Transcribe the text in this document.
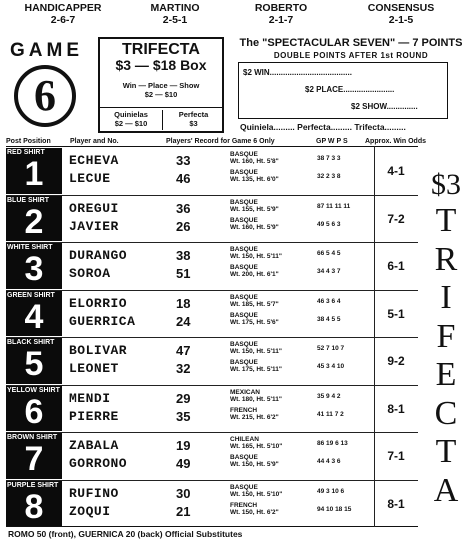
HANDICAPPER
2-6-7
MARTINO
2-5-1
ROBERTO
2-1-7
CONSENSUS
2-1-5
GAME
6
TRIFECTA
$3 — $18 Box
Win — Place — Show
$2 — $10
Quinielas
$2 — $10
Perfecta
$3
The "SPECTACULAR SEVEN" — 7 POINTS
DOUBLE POINTS AFTER 1st ROUND
$2 WIN.....................................
$2 PLACE.......................
$2 SHOW..............
Quiniela......... Perfecta......... Trifecta.........
Post Position	Player and No.	Players' Record for Game 6 Only	GP W P S Approx. Win Odds
RED SHIRT
1	ECHEVA	33	BASQUE
Wt. 160, Ht. 5'8"	38 7 3 3
LECUE	46	BASQUE
Wt. 135, Ht. 6'0"	32 2 3 8	4-1
BLUE SHIRT
2	OREGUI	36	BASQUE
Wt. 155, Ht. 5'9"	87 11 11 11
JAVIER	26	BASQUE
Wt. 160, Ht. 5'9"	49 5 6 3	7-2
WHITE SHIRT
3	DURANGO	38	BASQUE
Wt. 150, Ht. 5'11"	66 5 4 5
SOROA	51	BASQUE
Wt. 200, Ht. 6'1"	34 4 3 7	6-1
GREEN SHIRT
4	ELORRIO	18	BASQUE
Wt. 185, Ht. 5'7"	46 3 6 4
GUERRICA	24	BASQUE
Wt. 175, Ht. 5'6"	38 4 5 5	5-1
BLACK SHIRT
5	BOLIVAR	47	BASQUE
Wt. 150, Ht. 5'11"	52 7 10 7
LEONET	32	BASQUE
Wt. 175, Ht. 5'11"	45 3 4 10	9-2
YELLOW SHIRT
6	MENDI	29	MEXICAN
Wt. 180, Ht. 5'11"	35 9 4 2
PIERRE	35	FRENCH
Wt. 215, Ht. 6'2"	41 11 7 2	8-1
BROWN SHIRT
7	ZABALA	19	CHILEAN
Wt. 165, Ht. 5'10"	86 19 6 13
GORRONO	49	BASQUE
Wt. 150, Ht. 5'9"	44 4 3 6	7-1
PURPLE SHIRT
8	RUFINO	30	BASQUE
Wt. 150, Ht. 5'10"	49 3 10 6
ZOQUI	21	FRENCH
Wt. 150, Ht. 6'2"	94 10 18 15	8-1
$3
T
R
I
F
E
C
T
A
ROMO 50 (front), GUERNICA 20 (back) Official Substitutes
